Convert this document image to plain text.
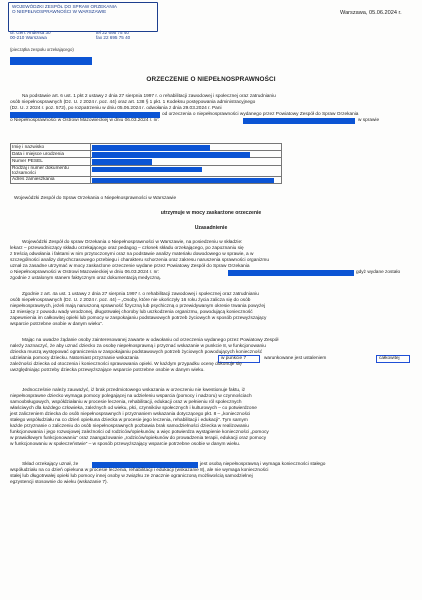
WOJEWÓDZKI ZESPÓŁ DO SPRAW ORZEKANIA
O NIEPEŁNOSPRAWNOŚCI W WARSZAWIE
ul. Gen. Andersa 30
00-210 Warszawa
tel 22 695 75 40
fax 22 695 75 40
(pieczątka zespołu orzekającego)
Warszawa, 05.06.2024 r.
ORZECZENIE O NIEPEŁNOSPRAWNOŚCI
Na podstawie art. 6 ust. 1 pkt 2 ustawy z dnia 27 sierpnia 1997 r. o rehabilitacji zawodowej i społecznej oraz zatrudnianiu
osób niepełnosprawnych (Dz. U. z 2024 r. poz. 44) oraz art. 138 § 1 pkt. 1 Kodeksu postępowania administracyjnego
(Dz. U. z 2024 r. poz. 572), po rozpatrzeniu w dniu 05.06.2024 r. odwołania z dnia 29.03.2024 r. Pani
od orzeczenia o niepełnosprawności wydanego przez Powiatowy Zespół do Spraw Orzekania
o Niepełnosprawności w Ostrowi Mazowieckiej w dniu 06.03.2024 r. nr:	w sprawie
Imię i nazwisko	

Data i miejsce urodzenia	

Numer PESEL	

Rodzaj i numer dokumentu tożsamości	

Adres zamieszkania	
Wojewódzki Zespół do Spraw Orzekania o Niepełnosprawności w Warszawie
utrzymuje w mocy zaskarżone orzeczenie
Uzasadnienie
Wojewódzki Zespół do spraw Orzekania o Niepełnosprawności w Warszawie, na posiedzeniu w składzie:
lekarz – przewodniczący składu orzekającego oraz pedagog – członek składu orzekającego, po zapoznaniu się
z treścią odwołania i faktami w nim przytoczonymi oraz na podstawie analizy materiału dowodowego w sprawie, a w
szczególności analizy dotychczasowego przebiegu i charakteru schorzenia oraz zakresu naruszenia sprawności organizmu
uznał za zasadne utrzymać w mocy zaskarżone orzeczenie wydane przez Powiatowy Zespół do Spraw Orzekania
o Niepełnosprawności w Ostrowi Mazowieckiej w dniu 06.03.2024 r. nr:	gdyż wydane zostało
zgodnie z ustalonym stanem faktycznym oraz dokumentacją medyczną.
Zgodnie z art. 4a ust. 1 ustawy z dnia 27 sierpnia 1997 r. o rehabilitacji zawodowej i społecznej oraz zatrudnianiu
osób niepełnosprawnych (Dz. U. z 2024 r. poz. 44) – „Osoby, które nie ukończyły 16 roku życia zalicza się do osób
niepełnosprawnych, jeżeli mają naruszoną sprawność fizyczną lub psychiczną o przewidywanym okresie trwania powyżej
12 miesięcy z powodu wady wrodzonej, długotrwałej choroby lub uszkodzenia organizmu, powodującą konieczność
zapewnienia im całkowitej opieki lub pomocy w zaspokajaniu podstawowych potrzeb życiowych w sposób przewyższający
wsparcie potrzebne osobie w danym wieku”.
Mając na uwadze żądanie osoby zainteresowanej zawarte w odwołaniu od orzeczenia wydanego przez Powiatowy Zespół
należy zaznaczyć, że aby uznać dziecko za osobę niepełnosprawną i przyznać wskazanie w punkcie 8, w funkcjonowaniu
dziecka muszą występować ograniczenia w zaspokajaniu podstawowych potrzeb życiowych powodujących konieczność
udzielania pomocy dziecku. Natomiast przyznanie wskazania	w punkcie 7	warunkowane jest ustaleniem	całkowitej
zależności dziecka od otoczenia i konieczności sprawowania opieki. W każdym przypadku ocenę dokonuje się
uwzględniając potrzeby dziecka przewyższające wsparcie potrzebne osobie w danym wieku.
Jednocześnie należy zauważyć, iż brak przedmiotowego wskazania w orzeczeniu nie kwestionuje faktu, iż
niepełnosprawne dziecko wymaga pomocy polegającej na udzieleniu wsparcia (pomocy i nadzoru) w czynnościach
samoobsługowych, współdziałaniu w procesie leczenia, rehabilitacji, edukacji oraz w pełnieniu ról społecznych
właściwych dla każdego człowieka, zależnych od wieku, płci, czynników społecznych i kulturowych – co potwierdzone
jest zaliczeniem dziecka do osób niepełnosprawnych i przyznaniem wskazania dotyczącego pkt. 8 – „konieczności
stałego współudziału na co dzień opiekuna dziecka w procesie jego leczenia, rehabilitacji i edukacji”. Tym samym
każde przyznanie o zaliczeniu do osób niepełnosprawnych pozbawia brak samodzielności dziecka w realizowaniu
funkcjonowania i jego rozwojowej zależności od rodziców/opiekunów, a więc potwierdza wystąpienie konieczności „pomocy
w prawidłowym funkcjonowaniu” oraz zaangażowanie „rodziców/opiekunów do prowadzenia terapii, edukacji oraz pomocy
w funkcjonowaniu w społeczeństwie” – w sposób przewyższający wsparcie potrzebne osobie w danym wieku.
Skład orzekający uznał, że	jest osobą niepełnosprawną i wymaga konieczności stałego
współudziału na co dzień opiekuna w procesie leczenia, rehabilitacji i edukacji (wskazanie 8), ale nie wymaga konieczności
stałej lub długotrwałej opieki lub pomocy innej osoby w związku ze znacznie ograniczoną możliwością samodzielnej
egzystencji stosownie do wieku (wskazanie 7).
